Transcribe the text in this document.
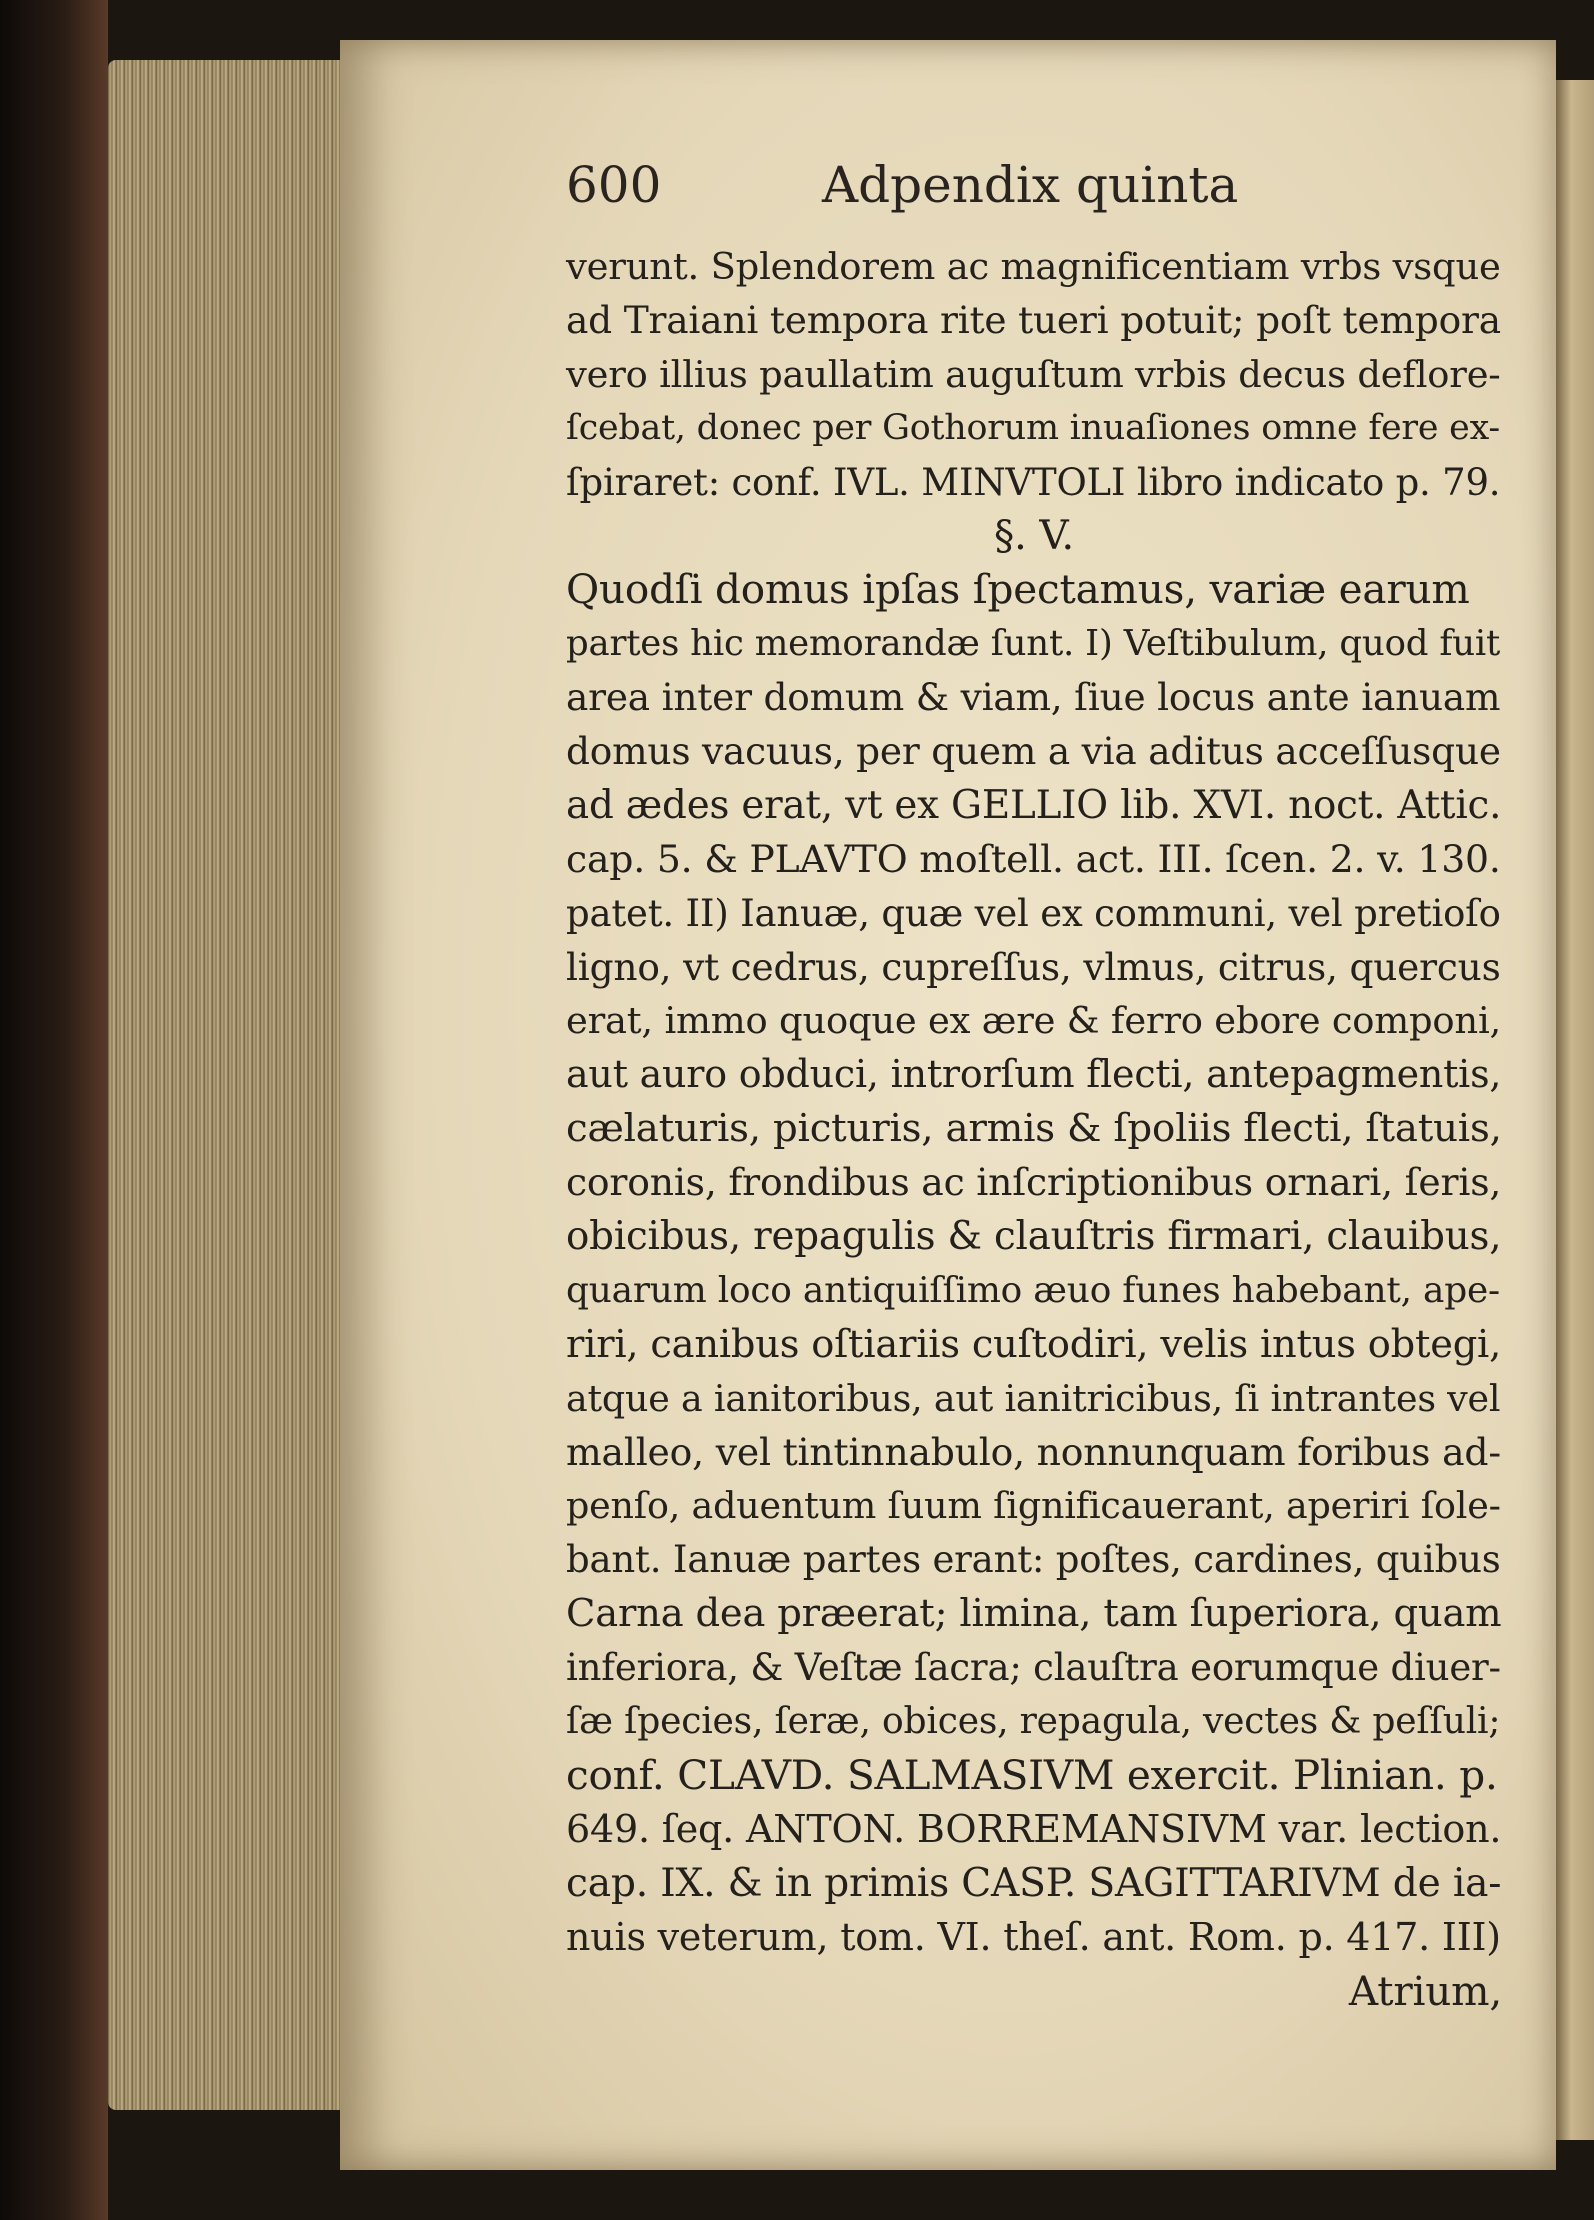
600	Adpendix quinta
verunt. Splendorem ac magnificentiam vrbs vsque
ad Traiani tempora rite tueri potuit; poſt tempora
vero illius paullatim auguſtum vrbis decus deflore-
ſcebat, donec per Gothorum inuaſiones omne fere ex-
ſpiraret: conf. IVL. MINVTOLI libro indicato p. 79.
§. V.
Quodſi domus ipſas ſpectamus, variæ earum
partes hic memorandæ ſunt. I) Veſtibulum, quod fuit
area inter domum & viam, ſiue locus ante ianuam
domus vacuus, per quem a via aditus acceſſusque
ad ædes erat, vt ex GELLIO lib. XVI. noct. Attic.
cap. 5. & PLAVTO moſtell. act. III. ſcen. 2. v. 130.
patet. II) Ianuæ, quæ vel ex communi, vel pretioſo
ligno, vt cedrus, cupreſſus, vlmus, citrus, quercus
erat, immo quoque ex ære & ferro ebore componi,
aut auro obduci, introrſum flecti, antepagmentis,
cælaturis, picturis, armis & ſpoliis flecti, ſtatuis,
coronis, frondibus ac inſcriptionibus ornari, ſeris,
obicibus, repagulis & clauſtris firmari, clauibus,
quarum loco antiquiſſimo æuo funes habebant, ape-
riri, canibus oſtiariis cuſtodiri, velis intus obtegi,
atque a ianitoribus, aut ianitricibus, ſi intrantes vel
malleo, vel tintinnabulo, nonnunquam foribus ad-
penſo, aduentum ſuum ſignificauerant, aperiri ſole-
bant. Ianuæ partes erant: poſtes, cardines, quibus
Carna dea præerat; limina, tam ſuperiora, quam
inferiora, & Veſtæ ſacra; clauſtra eorumque diuer-
ſæ ſpecies, ſeræ, obices, repagula, vectes & peſſuli;
conf. CLAVD. SALMASIVM exercit. Plinian. p.
649. ſeq. ANTON. BORREMANSIVM var. lection.
cap. IX. & in primis CASP. SAGITTARIVM de ia-
nuis veterum, tom. VI. theſ. ant. Rom. p. 417. III)
Atrium,
